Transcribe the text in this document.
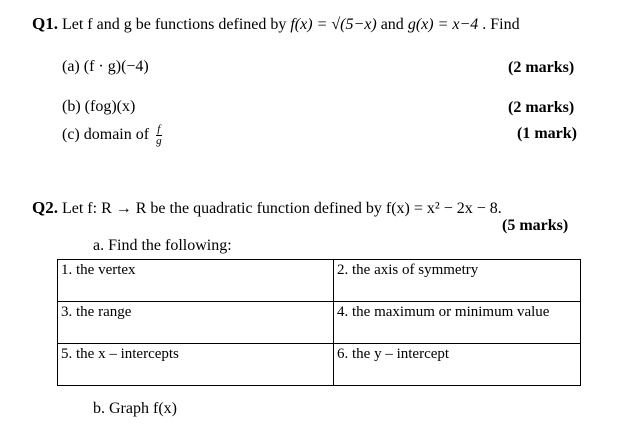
Q1. Let f and g be functions defined by f(x) = √(5−x) and g(x) = x−4 . Find
(a) (f · g)(−4)	(2 marks)
(b) (fog)(x)	(2 marks)
(c) domain of $\frac{f}{g}$	(1 mark)
Q2. Let f: R → R be the quadratic function defined by f(x) = x² − 2x − 8.
(5 marks)
a. Find the following:
1. the vertex	2. the axis of symmetry
3. the range	4. the maximum or minimum value
5. the x – intercepts	6. the y – intercept
b. Graph f(x)
